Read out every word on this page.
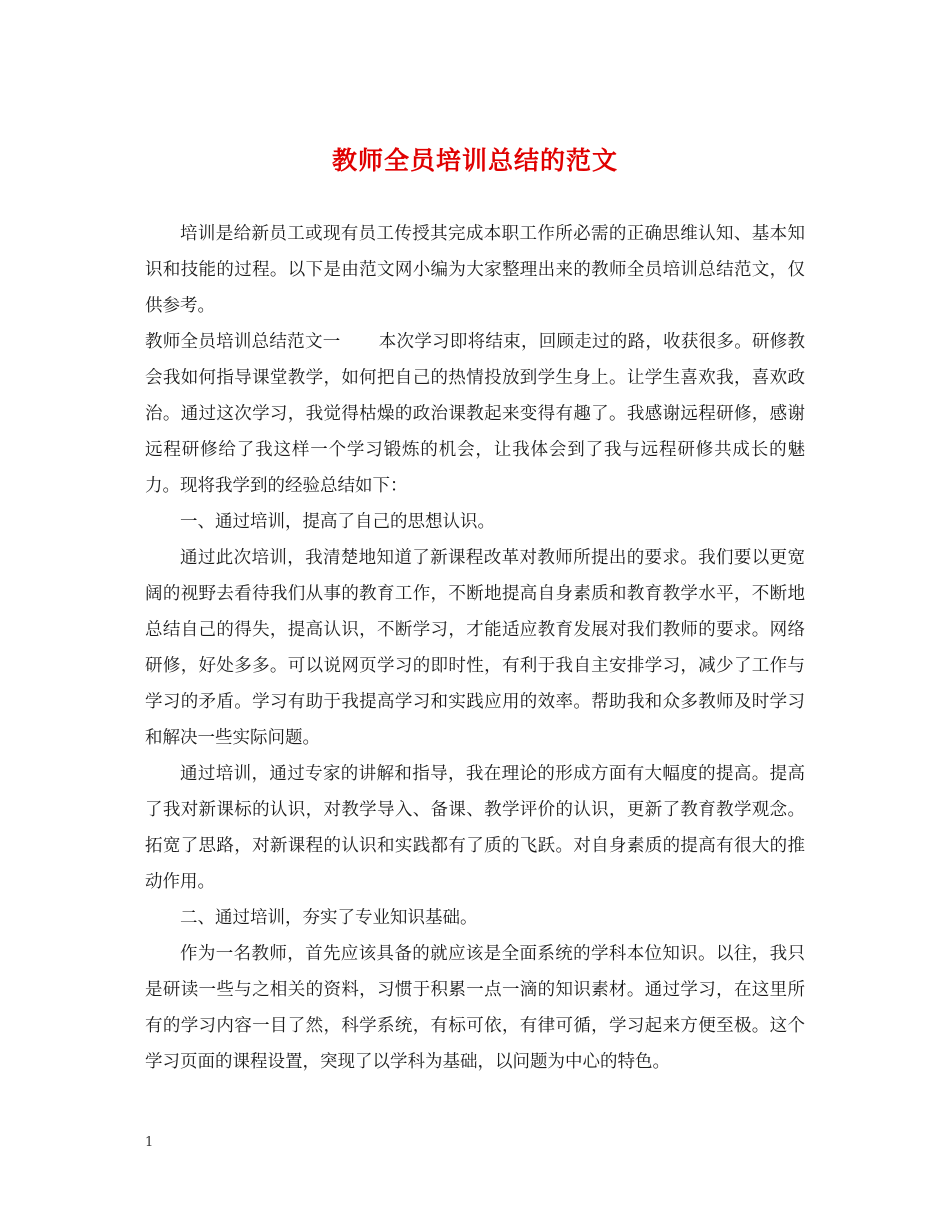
教师全员培训总结的范文

培训是给新员工或现有员工传授其完成本职工作所必需的正确思维认知、基本知识和技能的过程。以下是由范文网小编为大家整理出来的教师全员培训总结范文，仅供参考。

教师全员培训总结范文一 本次学习即将结束，回顾走过的路，收获很多。研修教会我如何指导课堂教学，如何把自己的热情投放到学生身上。让学生喜欢我，喜欢政治。通过这次学习，我觉得枯燥的政治课教起来变得有趣了。我感谢远程研修，感谢远程研修给了我这样一个学习锻炼的机会，让我体会到了我与远程研修共成长的魅力。现将我学到的经验总结如下：

一、通过培训，提高了自己的思想认识。

通过此次培训，我清楚地知道了新课程改革对教师所提出的要求。我们要以更宽阔的视野去看待我们从事的教育工作，不断地提高自身素质和教育教学水平，不断地总结自己的得失，提高认识，不断学习，才能适应教育发展对我们教师的要求。网络研修，好处多多。可以说网页学习的即时性，有利于我自主安排学习，减少了工作与学习的矛盾。学习有助于我提高学习和实践应用的效率。帮助我和众多教师及时学习和解决一些实际问题。

通过培训，通过专家的讲解和指导，我在理论的形成方面有大幅度的提高。提高了我对新课标的认识，对教学导入、备课、教学评价的认识，更新了教育教学观念。拓宽了思路，对新课程的认识和实践都有了质的飞跃。对自身素质的提高有很大的推动作用。

二、通过培训，夯实了专业知识基础。

作为一名教师，首先应该具备的就应该是全面系统的学科本位知识。以往，我只是研读一些与之相关的资料，习惯于积累一点一滴的知识素材。通过学习，在这里所有的学习内容一目了然，科学系统，有标可依，有律可循，学习起来方便至极。这个学习页面的课程设置，突现了以学科为基础，以问题为中心的特色。

1
